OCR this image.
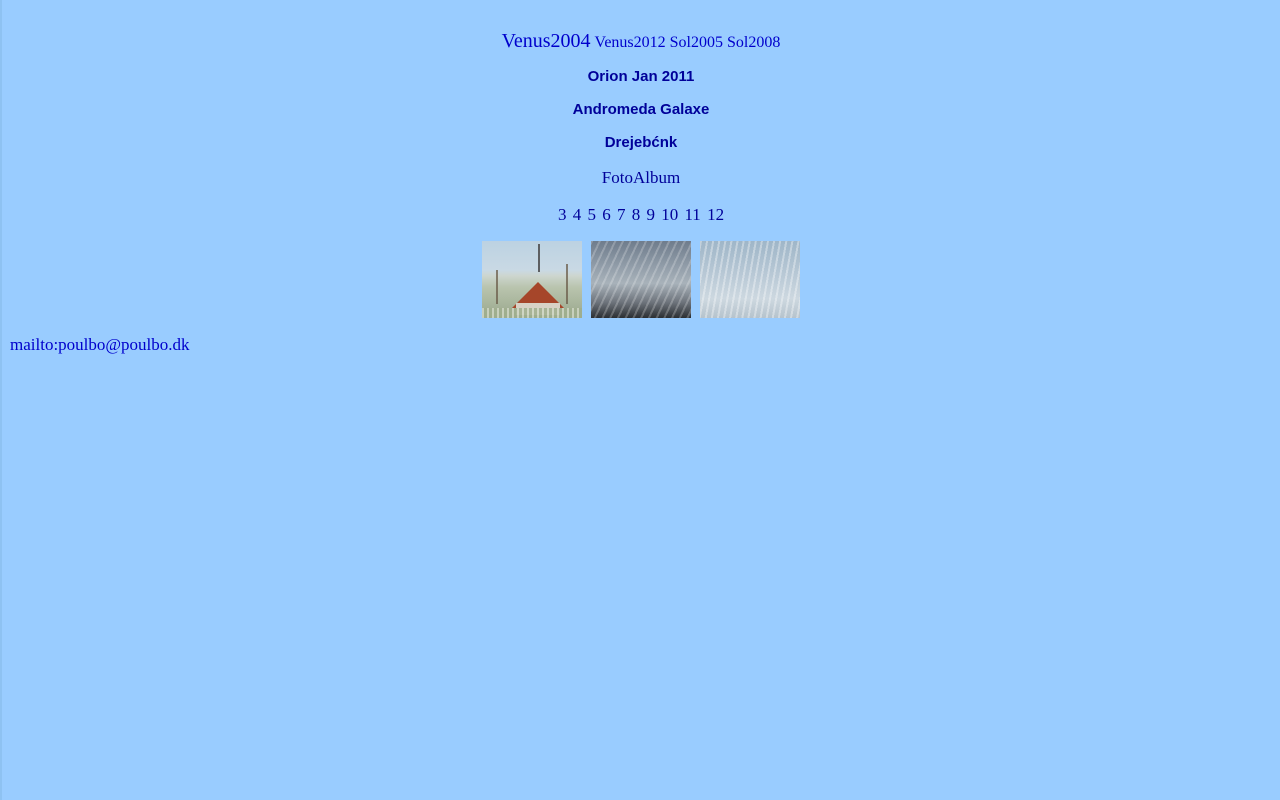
Venus2004 Venus2012 Sol2005 Sol2008
Orion Jan 2011
Andromeda Galaxe
Drejebćnk
FotoAlbum
3 4 5 6 7 8 9 10 11 12

mailto:poulbo@poulbo.dk
